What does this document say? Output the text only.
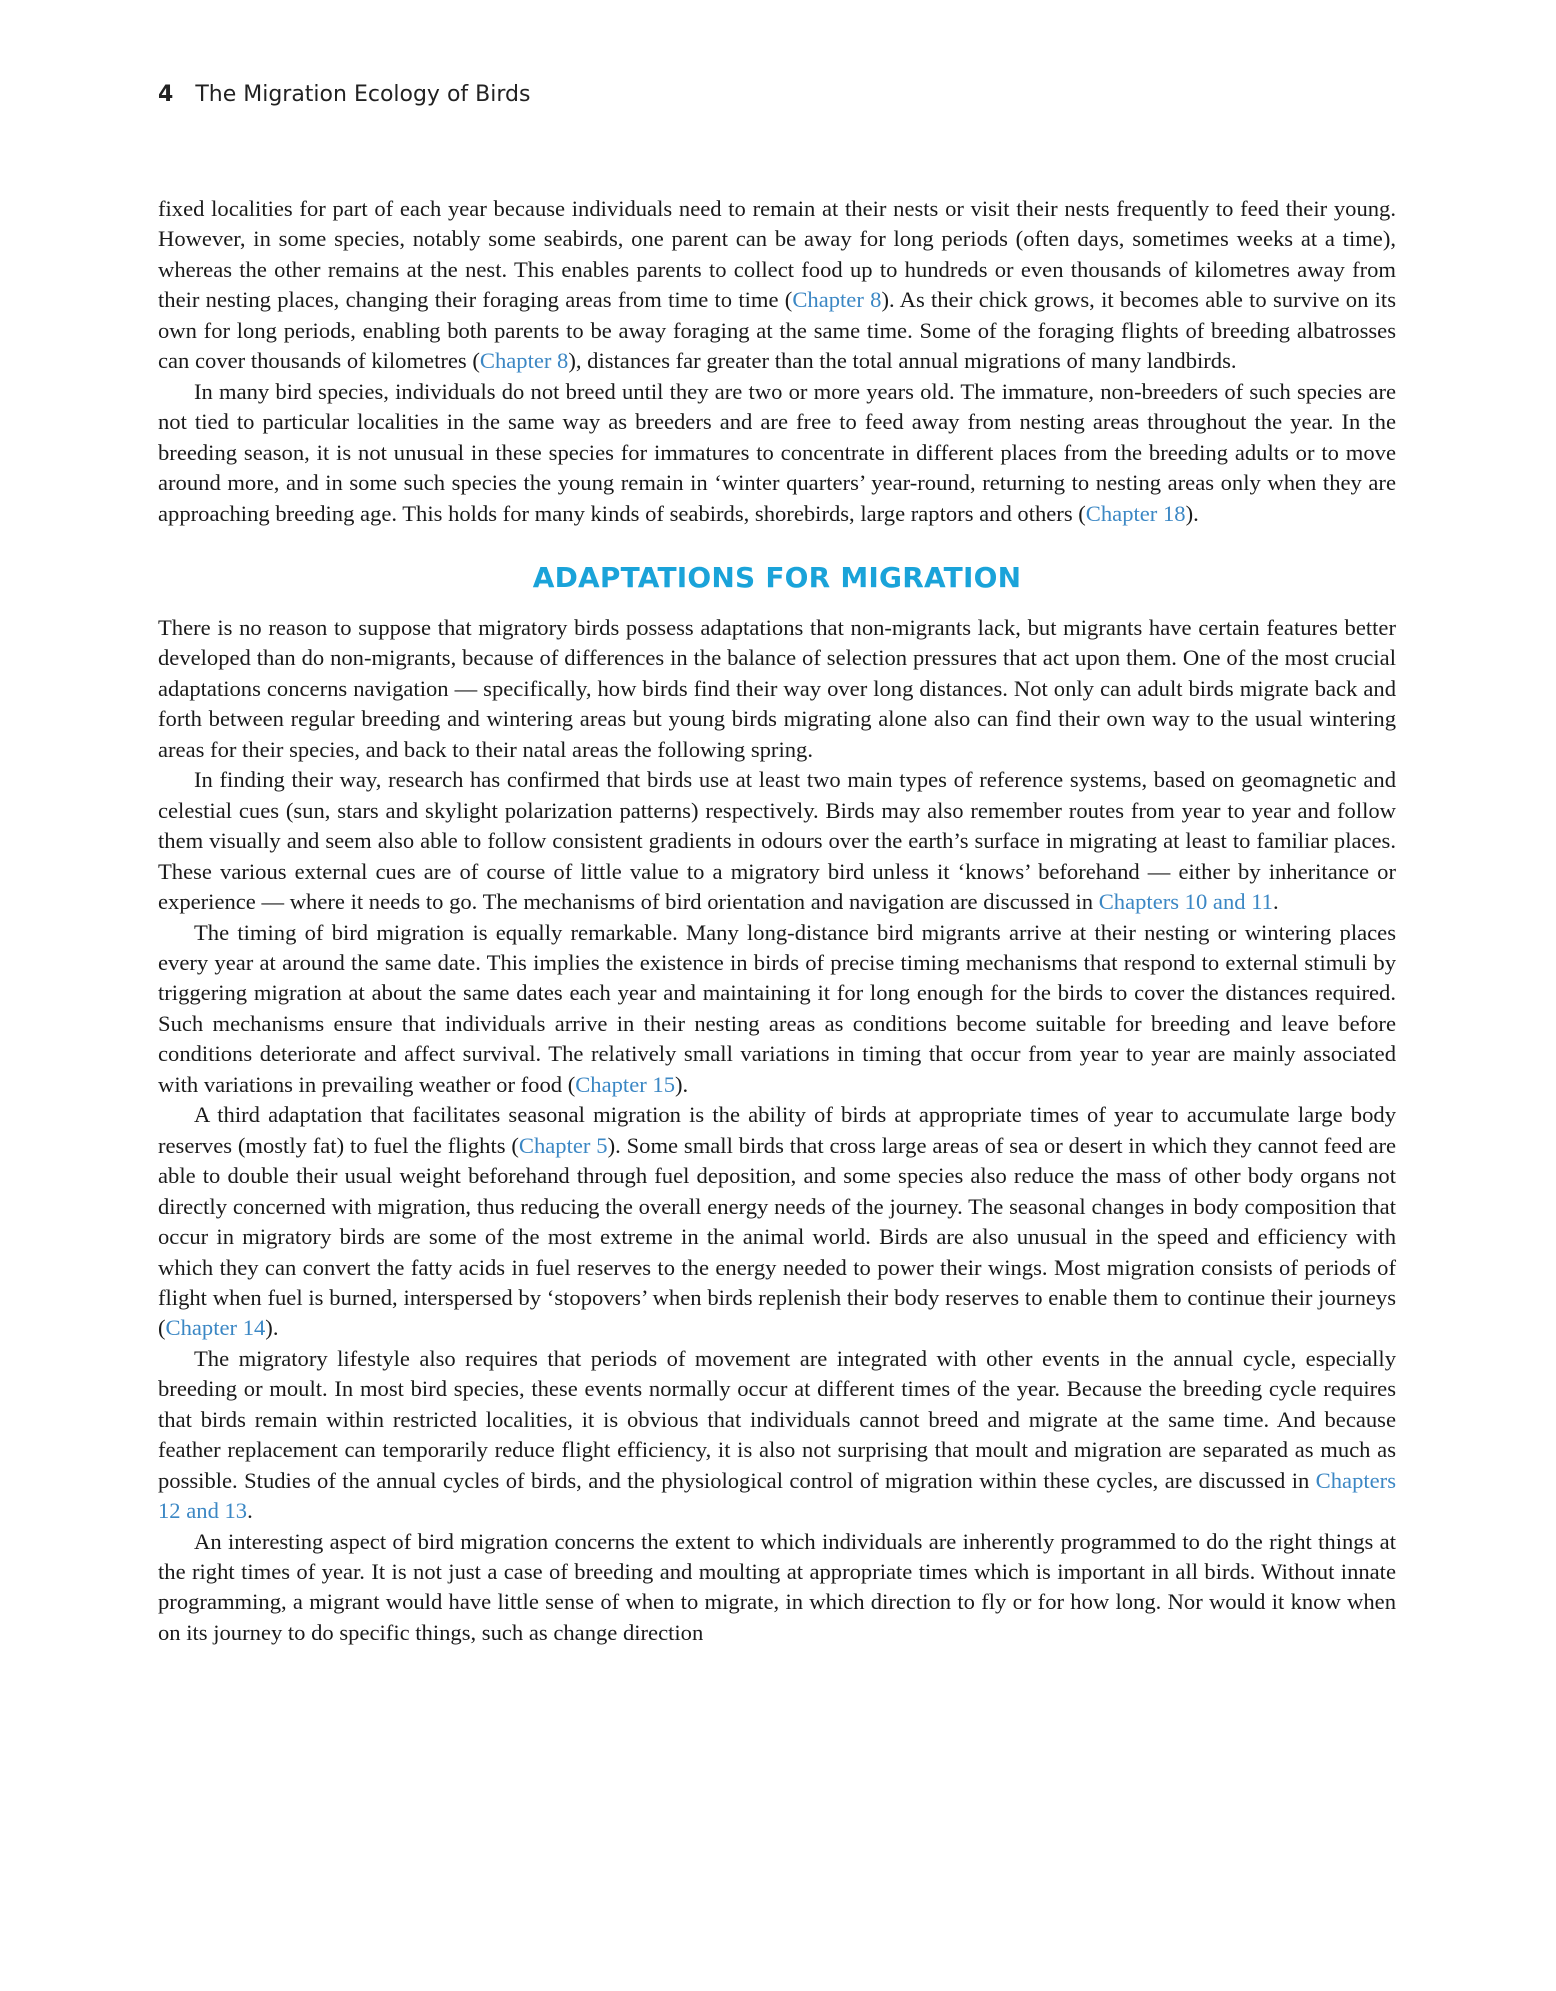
4 The Migration Ecology of Birds

fixed localities for part of each year because individuals need to remain at their nests or visit their nests frequently to feed their young. However, in some species, notably some seabirds, one parent can be away for long periods (often days, sometimes weeks at a time), whereas the other remains at the nest. This enables parents to collect food up to hundreds or even thousands of kilometres away from their nesting places, changing their foraging areas from time to time (Chapter 8). As their chick grows, it becomes able to survive on its own for long periods, enabling both parents to be away foraging at the same time. Some of the foraging flights of breeding albatrosses can cover thousands of kilometres (Chapter 8), distances far greater than the total annual migrations of many landbirds.

In many bird species, individuals do not breed until they are two or more years old. The immature, non-breeders of such species are not tied to particular localities in the same way as breeders and are free to feed away from nesting areas throughout the year. In the breeding season, it is not unusual in these species for immatures to concentrate in different places from the breeding adults or to move around more, and in some such species the young remain in ‘winter quarters’ year-round, returning to nesting areas only when they are approaching breeding age. This holds for many kinds of seabirds, shorebirds, large raptors and others (Chapter 18).

ADAPTATIONS FOR MIGRATION

There is no reason to suppose that migratory birds possess adaptations that non-migrants lack, but migrants have certain features better developed than do non-migrants, because of differences in the balance of selection pressures that act upon them. One of the most crucial adaptations concerns navigation — specifically, how birds find their way over long distances. Not only can adult birds migrate back and forth between regular breeding and wintering areas but young birds migrating alone also can find their own way to the usual wintering areas for their species, and back to their natal areas the following spring.

In finding their way, research has confirmed that birds use at least two main types of reference systems, based on geomagnetic and celestial cues (sun, stars and skylight polarization patterns) respectively. Birds may also remember routes from year to year and follow them visually and seem also able to follow consistent gradients in odours over the earth’s surface in migrating at least to familiar places. These various external cues are of course of little value to a migratory bird unless it ‘knows’ beforehand — either by inheritance or experience — where it needs to go. The mechanisms of bird orientation and navigation are discussed in Chapters 10 and 11.

The timing of bird migration is equally remarkable. Many long-distance bird migrants arrive at their nesting or wintering places every year at around the same date. This implies the existence in birds of precise timing mechanisms that respond to external stimuli by triggering migration at about the same dates each year and maintaining it for long enough for the birds to cover the distances required. Such mechanisms ensure that individuals arrive in their nesting areas as conditions become suitable for breeding and leave before conditions deteriorate and affect survival. The relatively small variations in timing that occur from year to year are mainly associated with variations in prevailing weather or food (Chapter 15).

A third adaptation that facilitates seasonal migration is the ability of birds at appropriate times of year to accumulate large body reserves (mostly fat) to fuel the flights (Chapter 5). Some small birds that cross large areas of sea or desert in which they cannot feed are able to double their usual weight beforehand through fuel deposition, and some species also reduce the mass of other body organs not directly concerned with migration, thus reducing the overall energy needs of the journey. The seasonal changes in body composition that occur in migratory birds are some of the most extreme in the animal world. Birds are also unusual in the speed and efficiency with which they can convert the fatty acids in fuel reserves to the energy needed to power their wings. Most migration consists of periods of flight when fuel is burned, interspersed by ‘stopovers’ when birds replenish their body reserves to enable them to continue their journeys (Chapter 14).

The migratory lifestyle also requires that periods of movement are integrated with other events in the annual cycle, especially breeding or moult. In most bird species, these events normally occur at different times of the year. Because the breeding cycle requires that birds remain within restricted localities, it is obvious that individuals cannot breed and migrate at the same time. And because feather replacement can temporarily reduce flight efficiency, it is also not surprising that moult and migration are separated as much as possible. Studies of the annual cycles of birds, and the physiological control of migration within these cycles, are discussed in Chapters 12 and 13.

An interesting aspect of bird migration concerns the extent to which individuals are inherently programmed to do the right things at the right times of year. It is not just a case of breeding and moulting at appropriate times which is important in all birds. Without innate programming, a migrant would have little sense of when to migrate, in which direction to fly or for how long. Nor would it know when on its journey to do specific things, such as change direction
